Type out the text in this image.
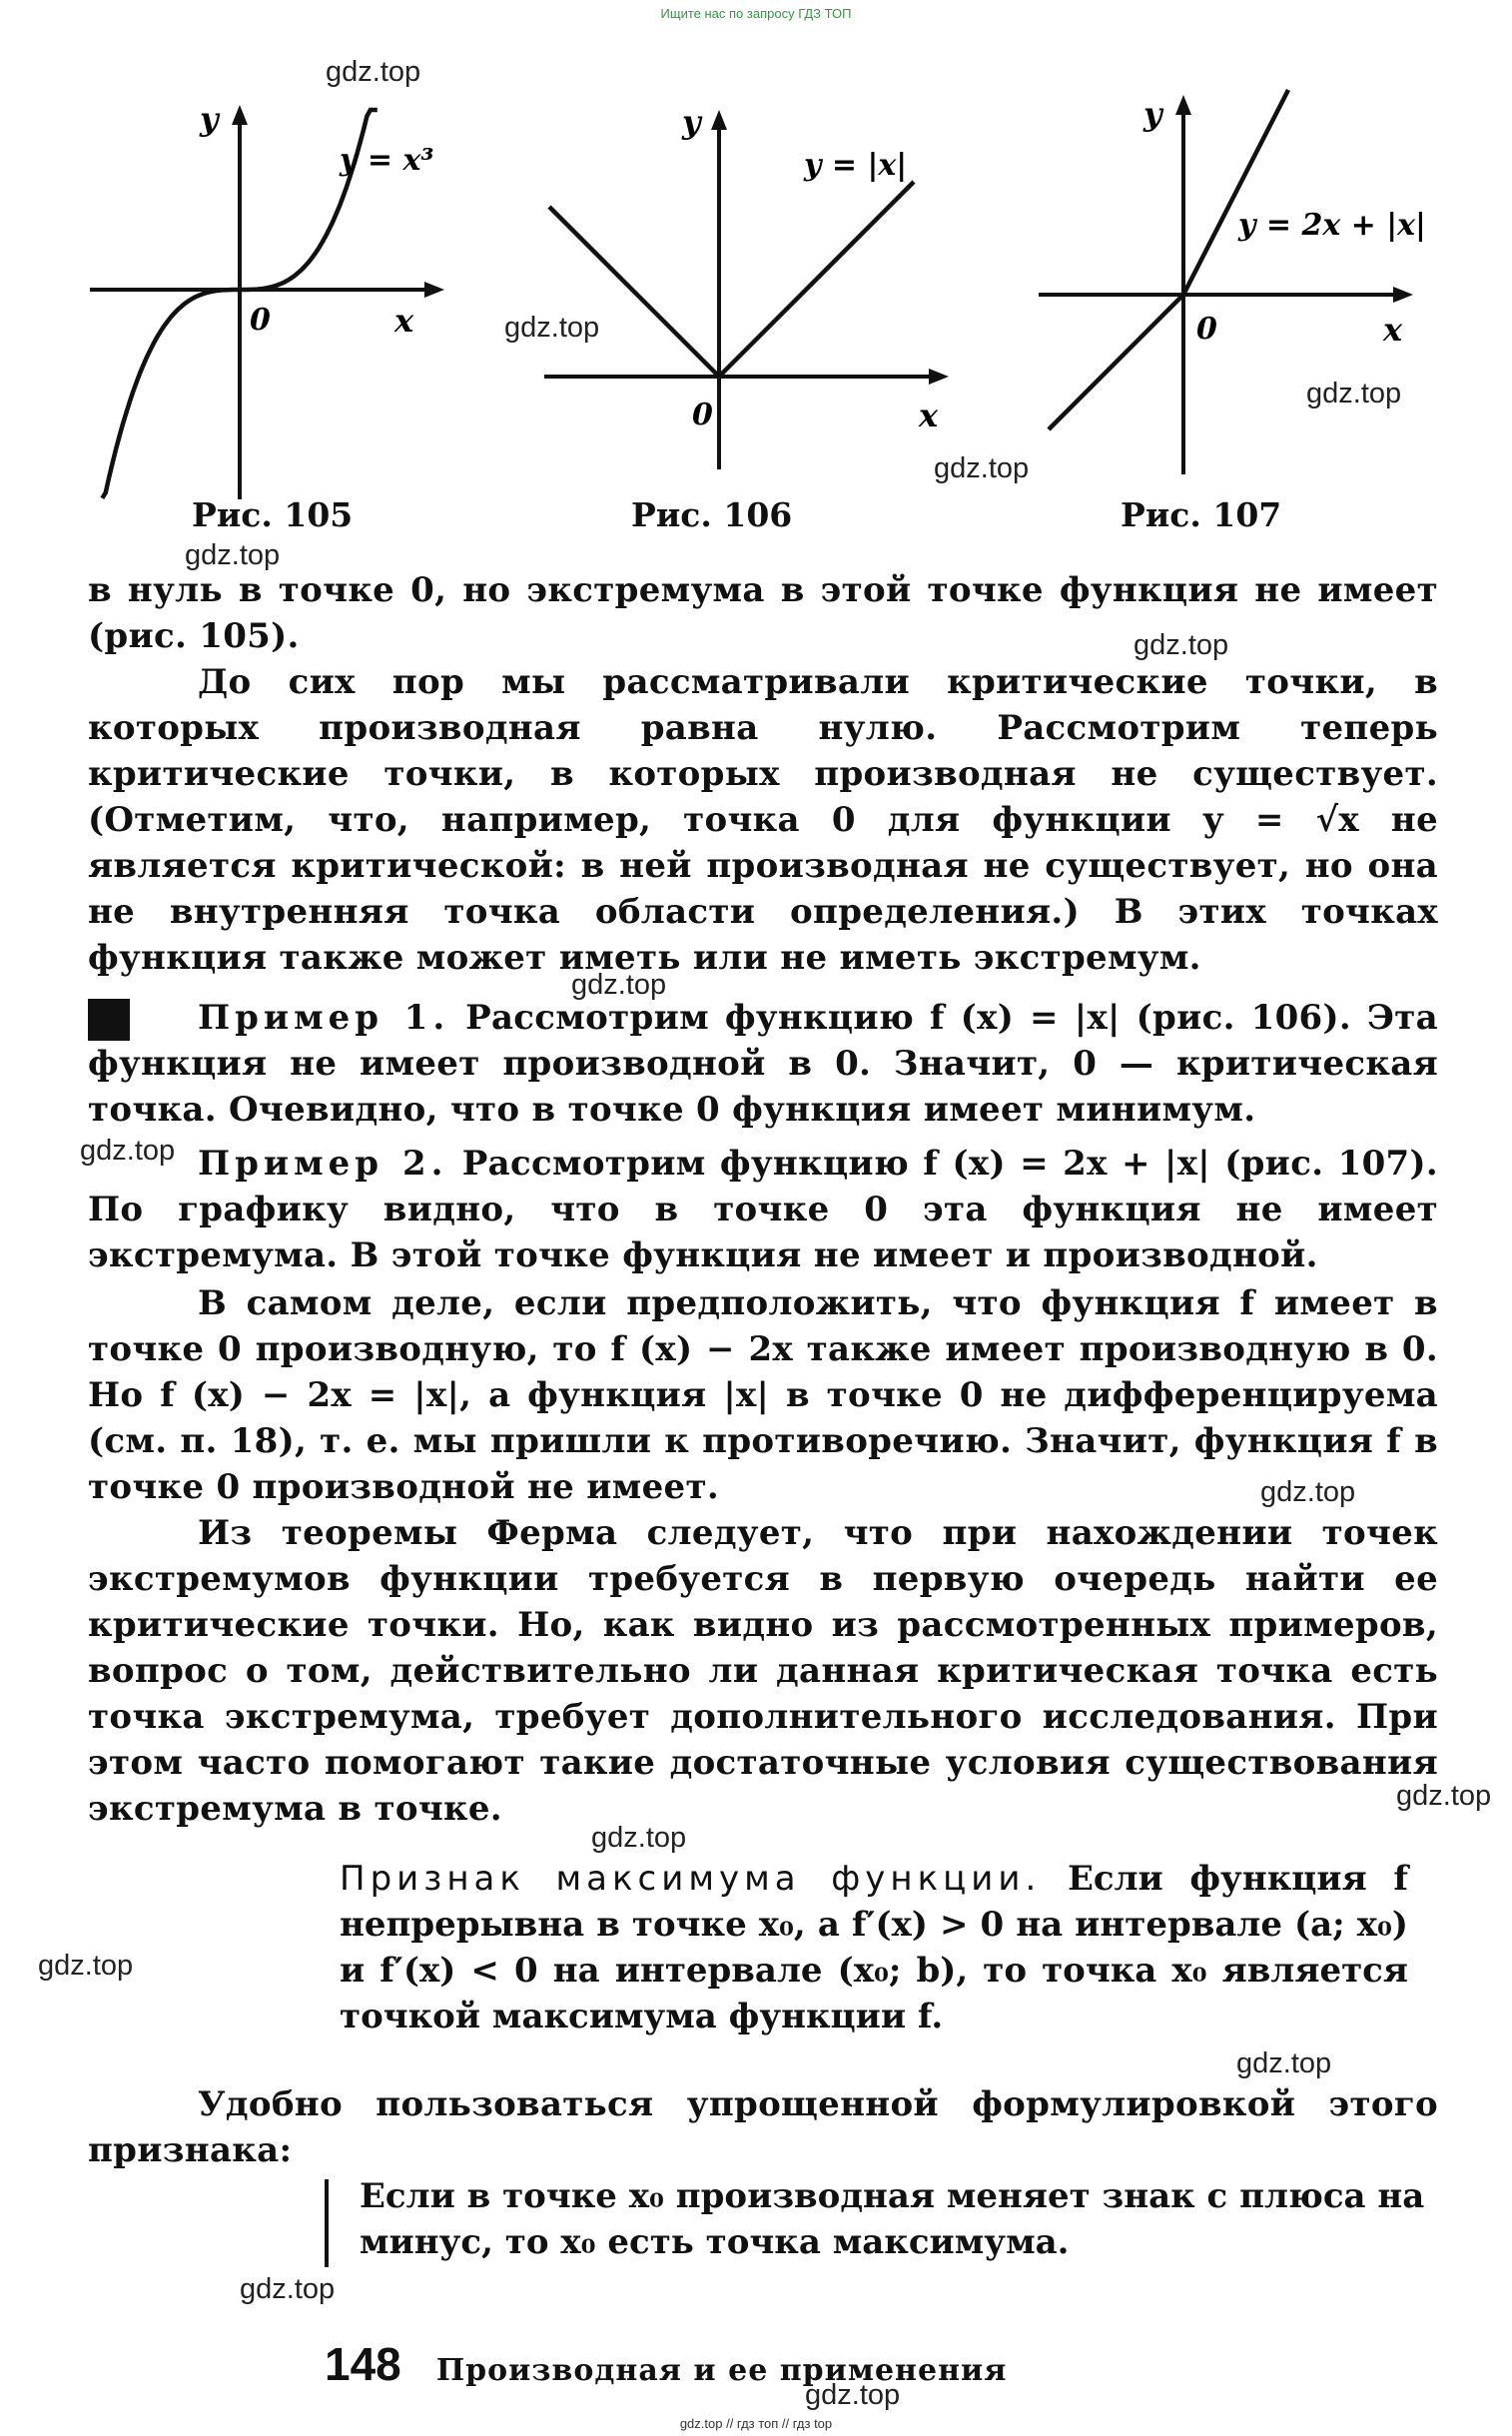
Ищите нас по запросу ГДЗ ТОП
y
x
0
y = x³
y
x
0
y = |x|
y
x
0
y = 2x + |x|
Рис. 105	Рис. 106	Рис. 107

в нуль в точке 0, но экстремума в этой точке функция не имеет (рис. 105).

До сих пор мы рассматривали критические точки, в которых производная равна нулю. Рассмотрим теперь критические точки, в которых производная не существует. (Отметим, что, например, точка 0 для функции y = √x не является критической: в ней производная не существует, но она не внутренняя точка области определения.) В этих точках функция также может иметь или не иметь экстремум.

Пример 1. Рассмотрим функцию f (x) = |x| (рис. 106). Эта функция не имеет производной в 0. Значит, 0 — критическая точка. Очевидно, что в точке 0 функция имеет минимум.

Пример 2. Рассмотрим функцию f (x) = 2x + |x| (рис. 107). По графику видно, что в точке 0 эта функция не имеет экстремума. В этой точке функция не имеет и производной.

В самом деле, если предположить, что функция f имеет в точке 0 производную, то f (x) − 2x также имеет производную в 0. Но f (x) − 2x = |x|, а функция |x| в точке 0 не дифференцируема (см. п. 18), т. е. мы пришли к противоречию. Значит, функция f в точке 0 производной не имеет.

Из теоремы Ферма следует, что при нахождении точек экстремумов функции требуется в первую очередь найти ее критические точки. Но, как видно из рассмотренных примеров, вопрос о том, действительно ли данная критическая точка есть точка экстремума, требует дополнительного исследования. При этом часто помогают такие достаточные условия существования экстремума в точке.

Признак максимума функции. Если функция f непрерывна в точке x₀, а f′(x) > 0 на интервале (a; x₀) и f′(x) < 0 на интервале (x₀; b), то точка x₀ является точкой максимума функции f.

Удобно пользоваться упрощенной формулировкой этого признака:

Если в точке x₀ производная меняет знак с плюса на минус, то x₀ есть точка максимума.
148 Производная и ее применения
gdz.top
gdz.top
gdz.top
gdz.top
gdz.top
gdz.top
gdz.top
gdz.top
gdz.top
gdz.top
gdz.top
gdz.top
gdz.top
gdz.top
gdz.top
gdz.top // гдз топ // гдз top
